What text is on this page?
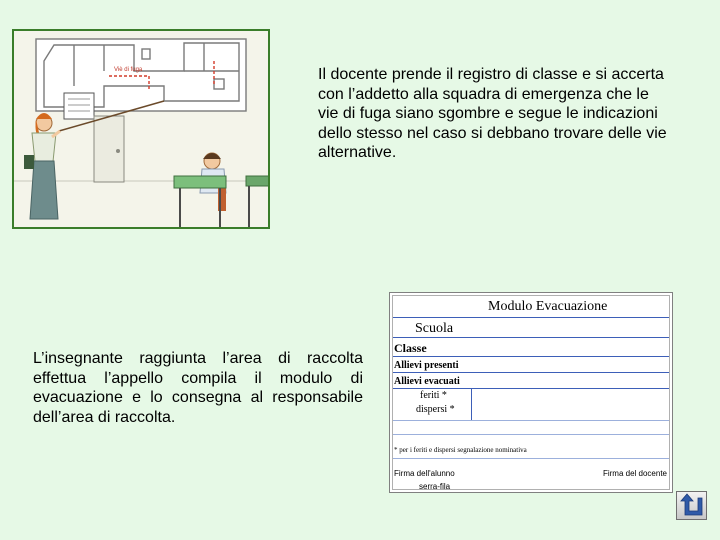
Viè di fuga	Il docente prende il registro di classe e si accerta con l’addetto alla squadra di emergenza che le vie di fuga siano sgombre e segue le indicazioni dello stesso nel caso si debbano trovare delle vie alternative.
L’insegnante raggiunta l’area di raccolta effettua l’appello compila il modulo di evacuazione e lo consegna al responsabile dell’area di raccolta.
Modulo Evacuazione
Scuola
Classe
Allievi presenti
Allievi evacuati
feriti *
dispersi *
* per i feriti e dispersi segnalazione nominativa
Firma dell'alunno	Firma del docente
serra-fila
